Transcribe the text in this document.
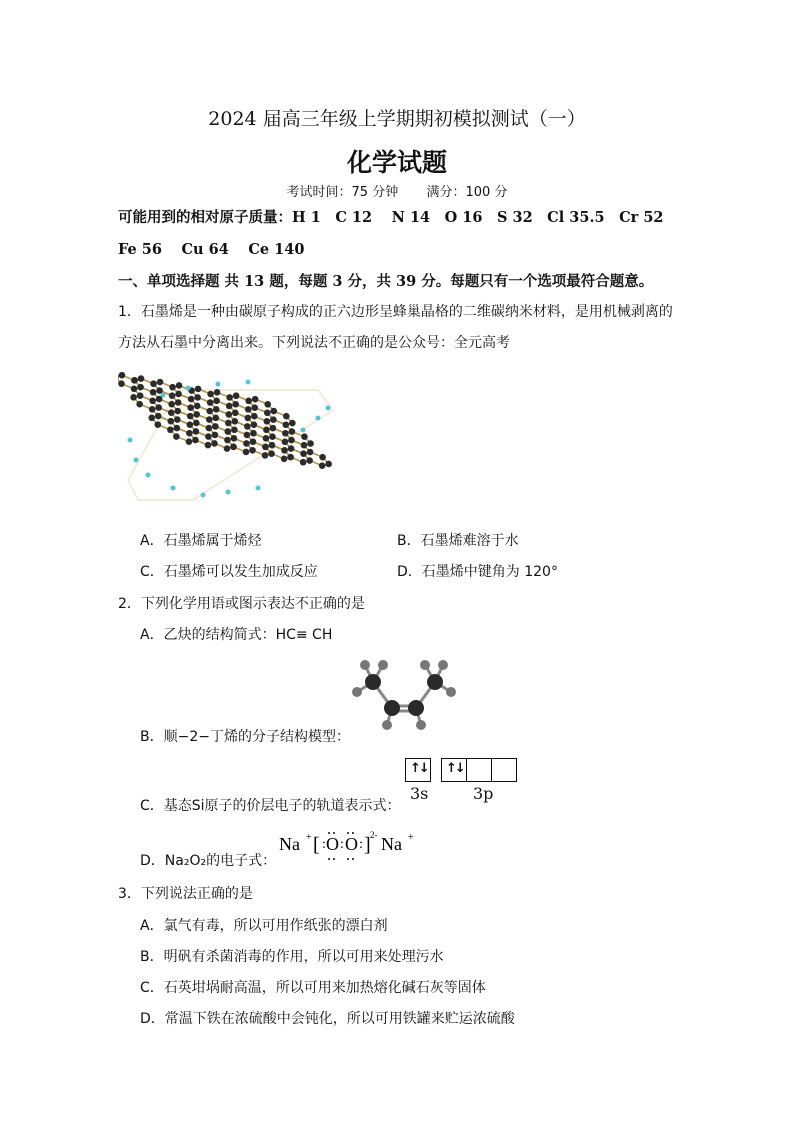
2024 届高三年级上学期期初模拟测试（一）
化学试题
考试时间：75 分钟 满分：100 分
可能用到的相对原子质量：H 1　C 12　 N 14　O 16　S 32　Cl 35.5　Cr 52
Fe 56　 Cu 64　 Ce 140
一、单项选择题 共 13 题，每题 3 分，共 39 分。每题只有一个选项最符合题意。
1．石墨烯是一种由碳原子构成的正六边形呈蜂巢晶格的二维碳纳米材料，是用机械剥离的
方法从石墨中分离出来。下列说法不正确的是公众号：全元高考
A．石墨烯属于烯烃	B．石墨烯难溶于水
C．石墨烯可以发生加成反应	D．石墨烯中键角为 120°
2．下列化学用语或图示表达不正确的是
A．乙炔的结构简式：HC≡ CH
B．顺−2−丁烯的分子结构模型：
↑↓ ↑↓
3s	3p
C．基态Si原子的价层电子的轨道表示式：
Na + [ : O : O : ] 2- Na +
D．Na₂O₂的电子式：
3．下列说法正确的是
A．氯气有毒，所以可用作纸张的漂白剂
B．明矾有杀菌消毒的作用，所以可用来处理污水
C．石英坩埚耐高温，所以可用来加热熔化碱石灰等固体
D．常温下铁在浓硫酸中会钝化，所以可用铁罐来贮运浓硫酸
